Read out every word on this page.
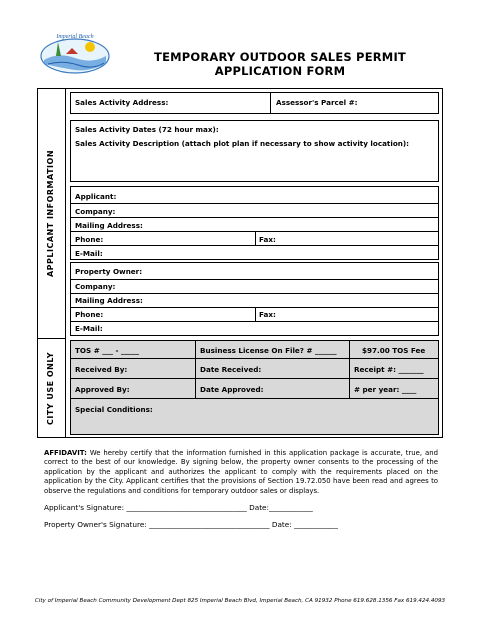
Imperial Beach
TEMPORARY OUTDOOR SALES PERMIT
APPLICATION FORM
APPLICANT INFORMATION
CITY USE ONLY
Sales Activity Address:	Assessor's Parcel #:
Sales Activity Dates (72 hour max):
Sales Activity Description (attach plot plan if necessary to show activity location):
Applicant:
Company:
Mailing Address:
Phone:	Fax:
E-Mail:
Property Owner:
Company:
Mailing Address:
Phone:	Fax:
E-Mail:
TOS # ___ - _____	Business License On File? # ______	$97.00 TOS Fee
Received By:	Date Received:	Receipt #: _______
Approved By:	Date Approved:	# per year: ____
Special Conditions:
AFFIDAVIT: We hereby certify that the information furnished in this application package is accurate, true, and correct to the best of our knowledge. By signing below, the property owner consents to the processing of the application by the applicant and authorizes the applicant to comply with the requirements placed on the application by the City. Applicant certifies that the provisions of Section 19.72.050 have been read and agrees to observe the regulations and conditions for temporary outdoor sales or displays.
Applicant's Signature: _________________________________ Date:____________
Property Owner's Signature: _________________________________ Date: ____________
City of Imperial Beach Community Development Dept 825 Imperial Beach Blvd, Imperial Beach, CA 91932 Phone 619.628.1356 Fax 619.424.4093
